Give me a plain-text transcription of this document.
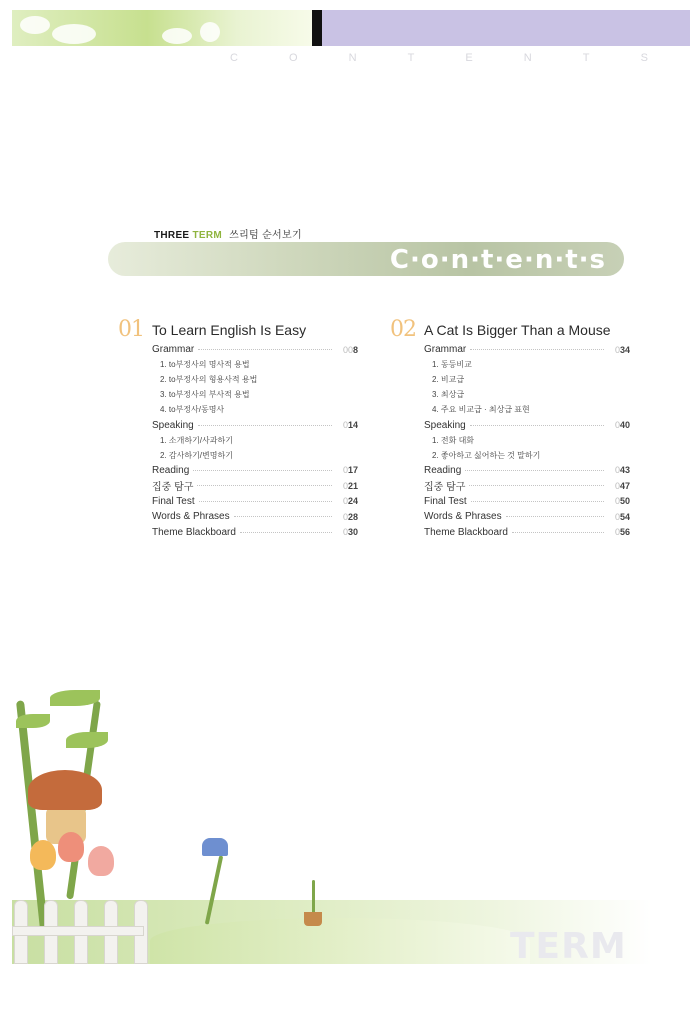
C	O	N	T	E	N	T	S
THREE TERM 쓰리텀 순서보기
C·o·n·t·e·n·t·s
01 To Learn English Is Easy
Grammar	008
1. to부정사의 명사적 용법
2. to부정사의 형용사적 용법
3. to부정사의 부사적 용법
4. to부정사/동명사
Speaking	014
1. 소개하기/사과하기
2. 감사하기/변명하기
Reading	017
집중 탐구	021
Final Test	024
Words & Phrases	028
Theme Blackboard	030
02 A Cat Is Bigger Than a Mouse
Grammar	034
1. 동등비교
2. 비교급
3. 최상급
4. 주요 비교급 · 최상급 표현
Speaking	040
1. 전화 대화
2. 좋아하고 싫어하는 것 말하기
Reading	043
집중 탐구	047
Final Test	050
Words & Phrases	054
Theme Blackboard	056
TERM
